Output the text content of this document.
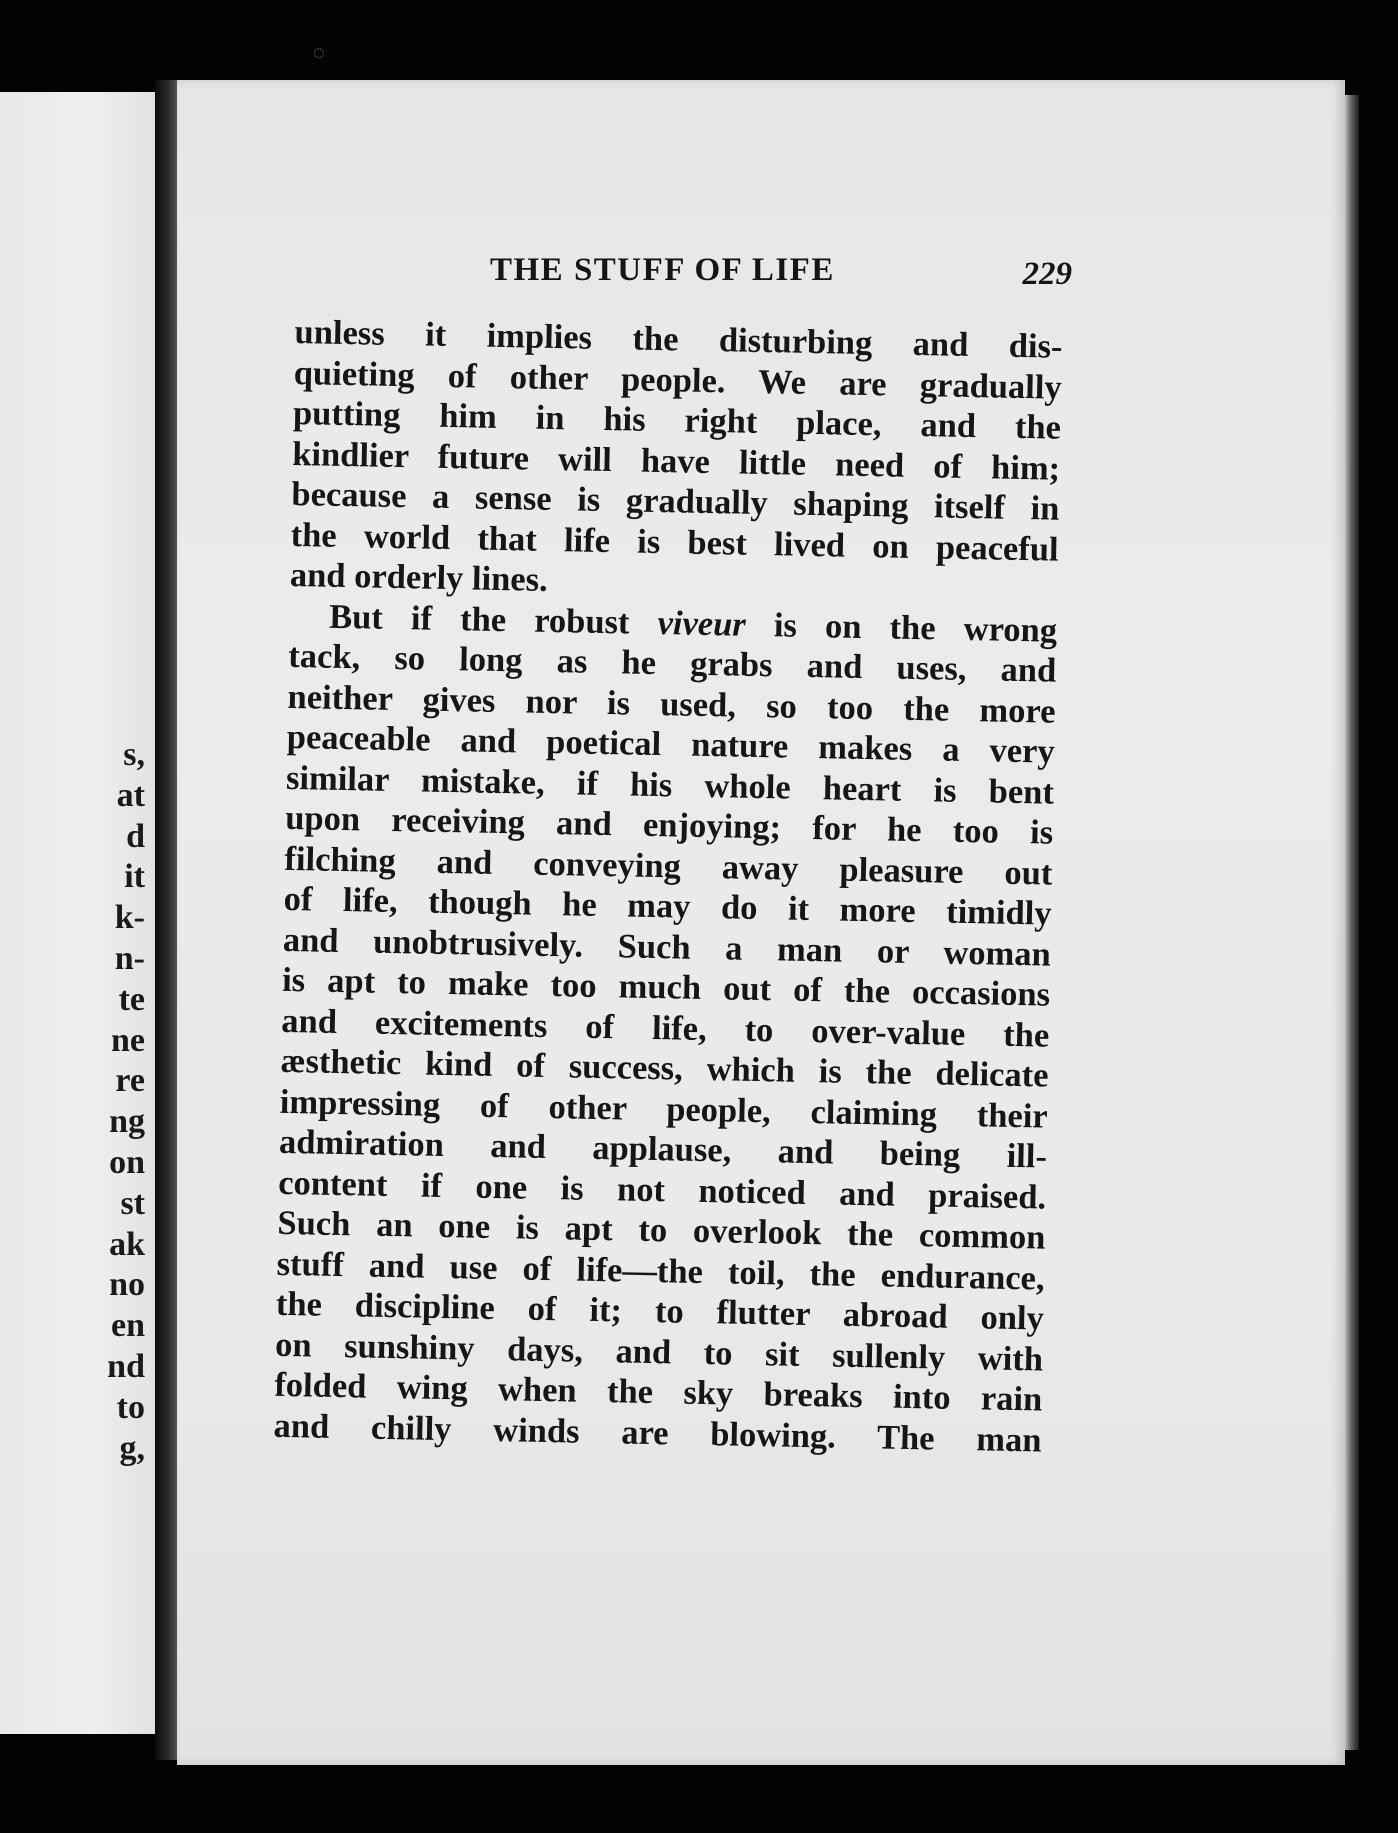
◌
s,
at
d
it
k-
n-
te
ne
re
ng
on
st
ak
no
en
nd
to
g,
THE STUFF OF LIFE	229
unless it implies the disturbing and dis-
quieting of other people. We are gradually
putting him in his right place, and the
kindlier future will have little need of him;
because a sense is gradually shaping itself in
the world that life is best lived on peaceful
and orderly lines.
But if the robust viveur is on the wrong
tack, so long as he grabs and uses, and
neither gives nor is used, so too the more
peaceable and poetical nature makes a very
similar mistake, if his whole heart is bent
upon receiving and enjoying; for he too is
filching and conveying away pleasure out
of life, though he may do it more timidly
and unobtrusively. Such a man or woman
is apt to make too much out of the occasions
and excitements of life, to over-value the
æsthetic kind of success, which is the delicate
impressing of other people, claiming their
admiration and applause, and being ill-
content if one is not noticed and praised.
Such an one is apt to overlook the common
stuff and use of life—the toil, the endurance,
the discipline of it; to flutter abroad only
on sunshiny days, and to sit sullenly with
folded wing when the sky breaks into rain
and chilly winds are blowing. The man
